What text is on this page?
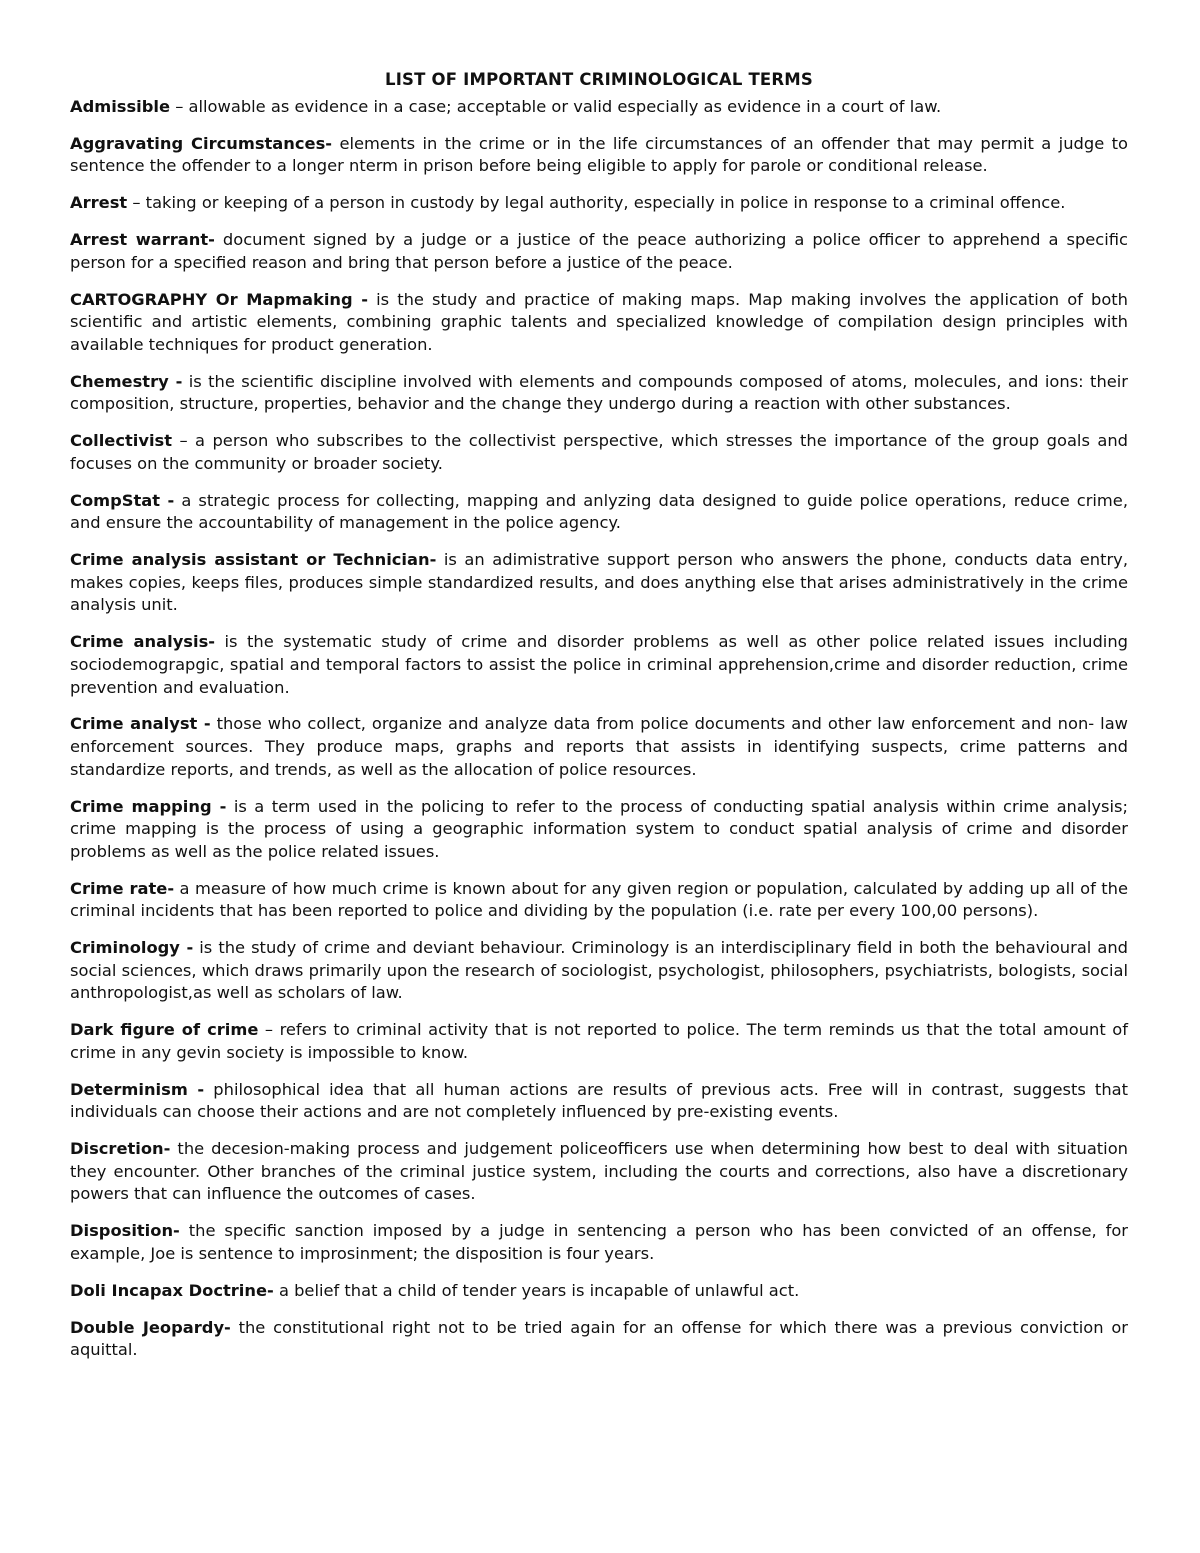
LIST OF IMPORTANT CRIMINOLOGICAL TERMS

Admissible – allowable as evidence in a case; acceptable or valid especially as evidence in a court of law.

Aggravating Circumstances- elements in the crime or in the life circumstances of an offender that may permit a judge to sentence the offender to a longer nterm in prison before being eligible to apply for parole or conditional release.

Arrest – taking or keeping of a person in custody by legal authority, especially in police in response to a criminal offence.

Arrest warrant- document signed by a judge or a justice of the peace authorizing a police officer to apprehend a specific person for a specified reason and bring that person before a justice of the peace.

CARTOGRAPHY Or Mapmaking - is the study and practice of making maps. Map making involves the application of both scientific and artistic elements, combining graphic talents and specialized knowledge of compilation design principles with available techniques for product generation.

Chemestry - is the scientific discipline involved with elements and compounds composed of atoms, molecules, and ions: their composition, structure, properties, behavior and the change they undergo during a reaction with other substances.

Collectivist – a person who subscribes to the collectivist perspective, which stresses the importance of the group goals and focuses on the community or broader society.

CompStat - a strategic process for collecting, mapping and anlyzing data designed to guide police operations, reduce crime, and ensure the accountability of management in the police agency.

Crime analysis assistant or Technician- is an adimistrative support person who answers the phone, conducts data entry, makes copies, keeps files, produces simple standardized results, and does anything else that arises administratively in the crime analysis unit.

Crime analysis- is the systematic study of crime and disorder problems as well as other police related issues including sociodemograpgic, spatial and temporal factors to assist the police in criminal apprehension,crime and disorder reduction, crime prevention and evaluation.

Crime analyst - those who collect, organize and analyze data from police documents and other law enforcement and non- law enforcement sources. They produce maps, graphs and reports that assists in identifying suspects, crime patterns and standardize reports, and trends, as well as the allocation of police resources.

Crime mapping - is a term used in the policing to refer to the process of conducting spatial analysis within crime analysis; crime mapping is the process of using a geographic information system to conduct spatial analysis of crime and disorder problems as well as the police related issues.

Crime rate- a measure of how much crime is known about for any given region or population, calculated by adding up all of the criminal incidents that has been reported to police and dividing by the population (i.e. rate per every 100,00 persons).

Criminology - is the study of crime and deviant behaviour. Criminology is an interdisciplinary field in both the behavioural and social sciences, which draws primarily upon the research of sociologist, psychologist, philosophers, psychiatrists, bologists, social anthropologist,as well as scholars of law.

Dark figure of crime – refers to criminal activity that is not reported to police. The term reminds us that the total amount of crime in any gevin society is impossible to know.

Determinism - philosophical idea that all human actions are results of previous acts. Free will in contrast, suggests that individuals can choose their actions and are not completely influenced by pre-existing events.

Discretion- the decesion-making process and judgement policeofficers use when determining how best to deal with situation they encounter. Other branches of the criminal justice system, including the courts and corrections, also have a discretionary powers that can influence the outcomes of cases.

Disposition- the specific sanction imposed by a judge in sentencing a person who has been convicted of an offense, for example, Joe is sentence to improsinment; the disposition is four years.

Doli Incapax Doctrine- a belief that a child of tender years is incapable of unlawful act.

Double Jeopardy- the constitutional right not to be tried again for an offense for which there was a previous conviction or aquittal.
